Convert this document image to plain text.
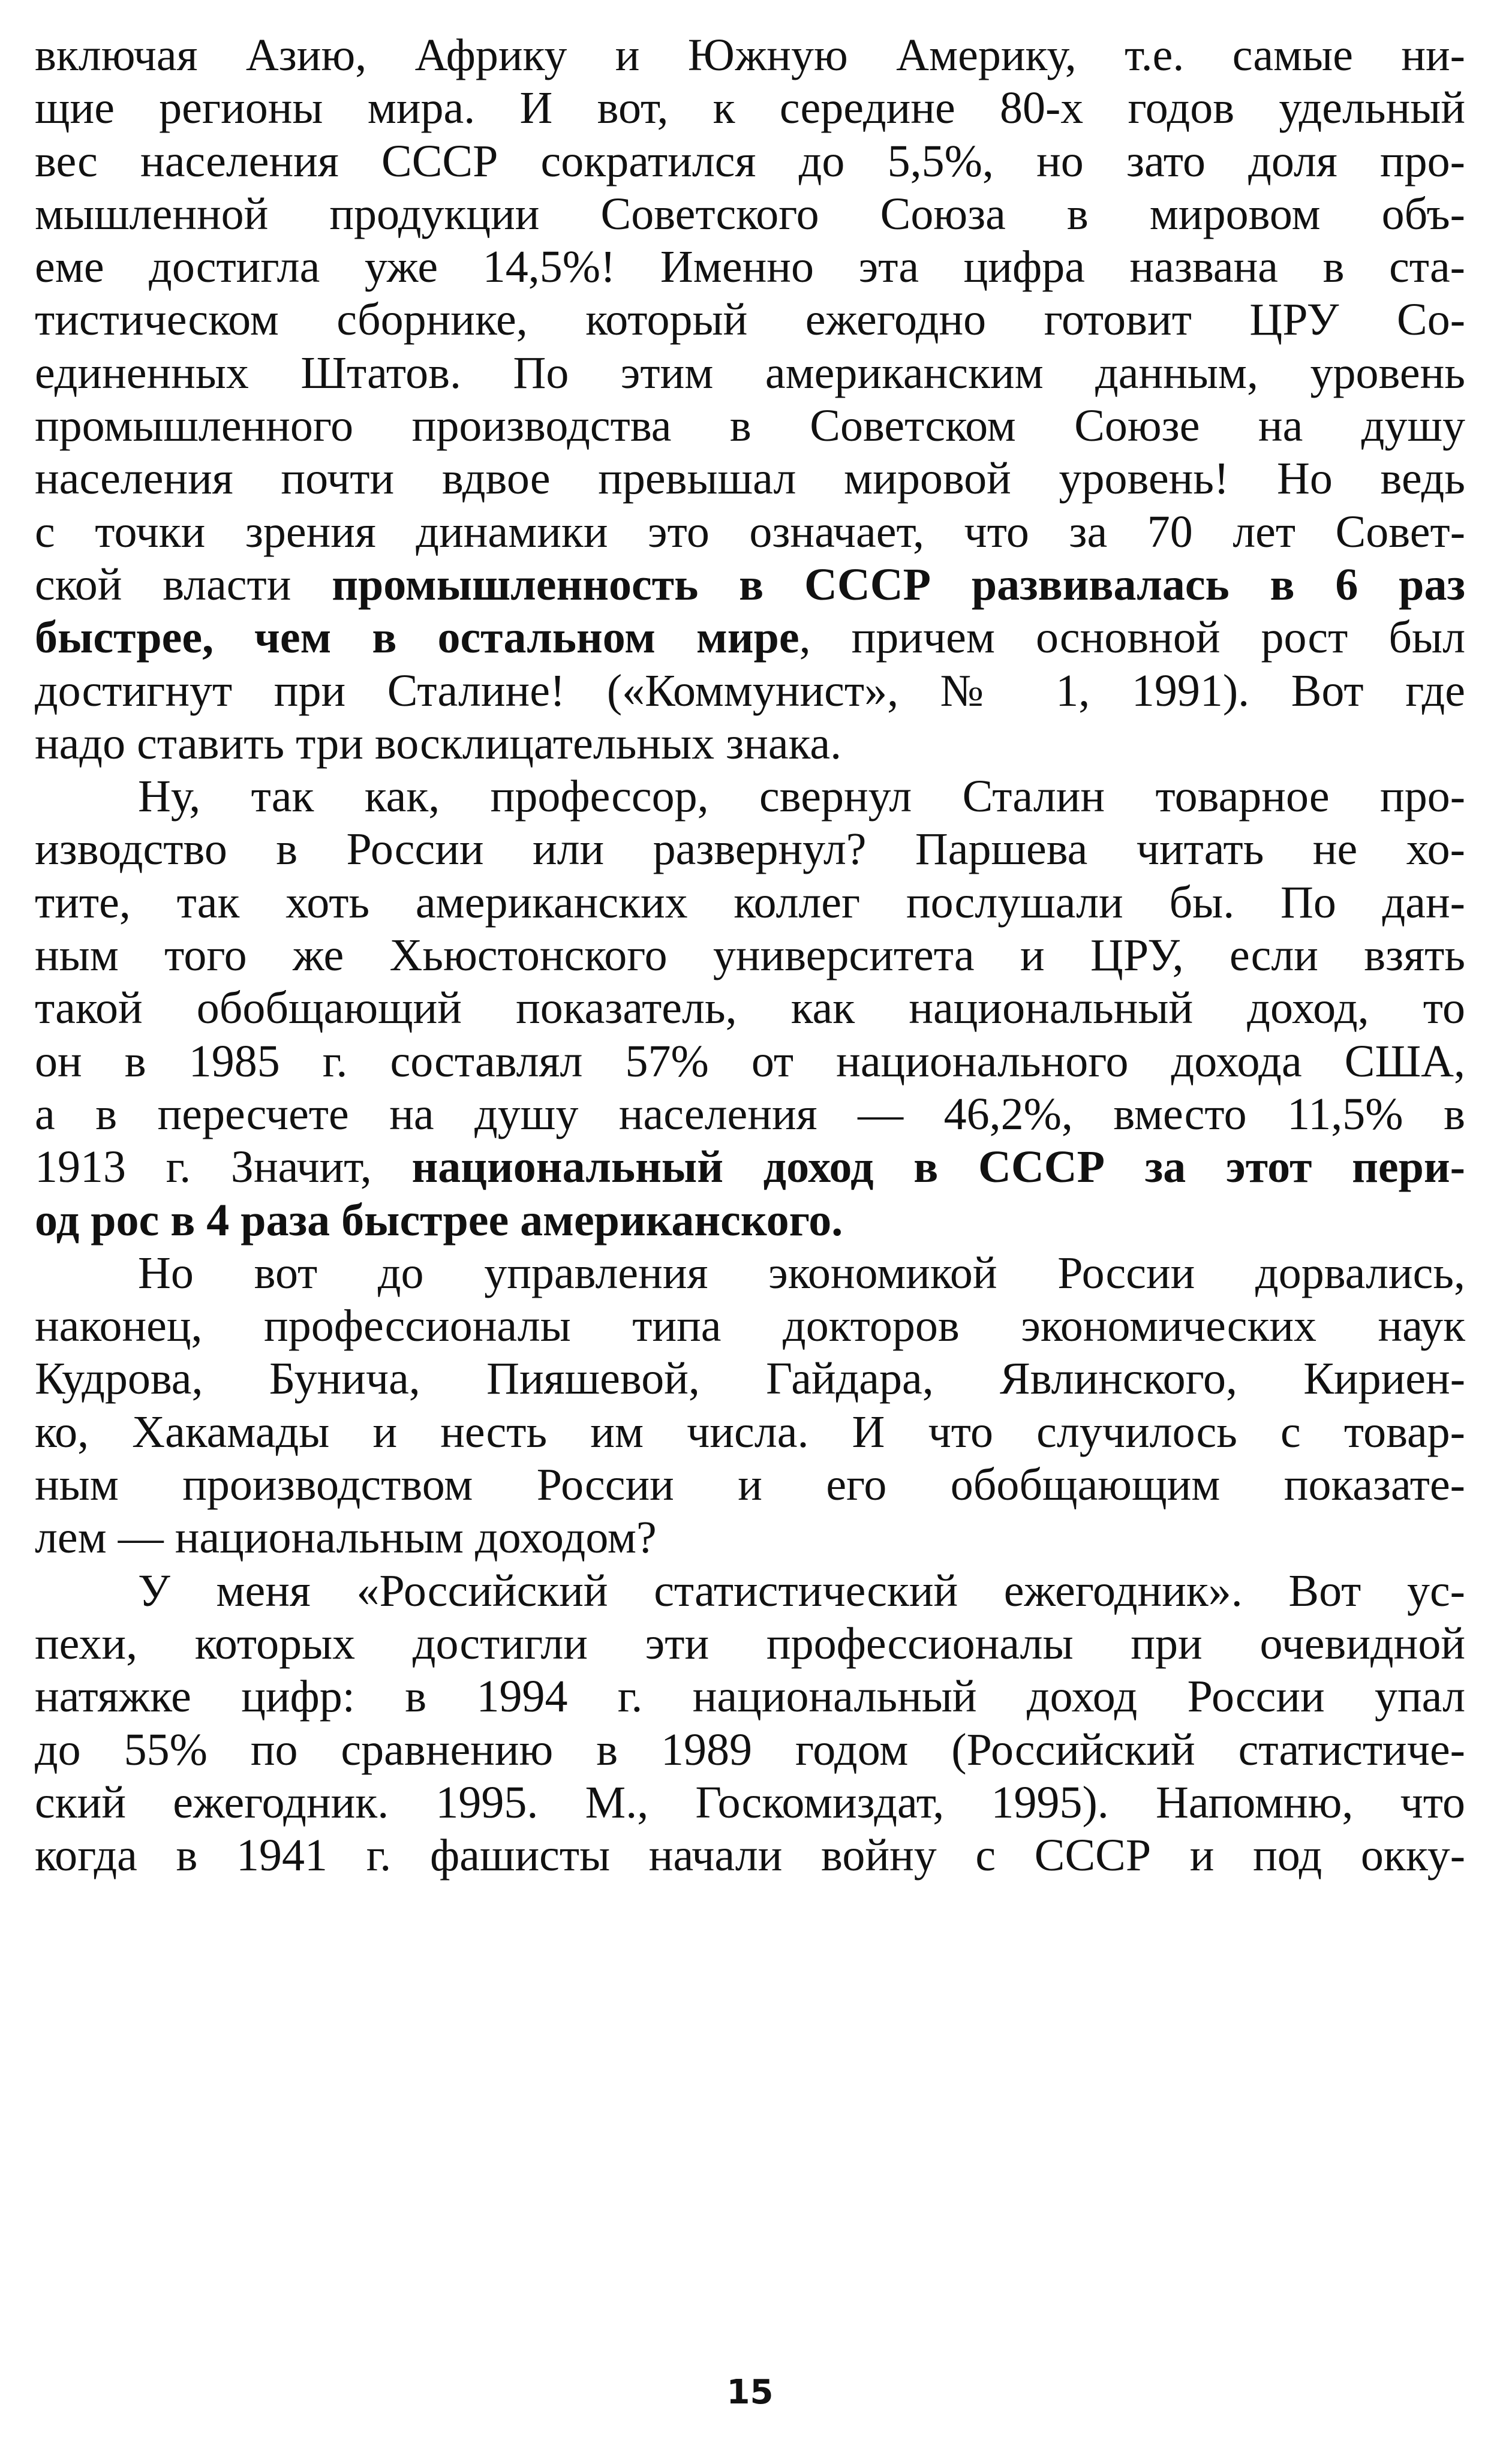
включая Азию, Африку и Южную Америку, т.е. самые ни-
щие регионы мира. И вот, к середине 80-х годов удельный
вес населения СССР сократился до 5,5%, но зато доля про-
мышленной продукции Советского Союза в мировом объ-
еме достигла уже 14,5%! Именно эта цифра названа в ста-
тистическом сборнике, который ежегодно готовит ЦРУ Со-
единенных Штатов. По этим американским данным, уровень
промышленного производства в Советском Союзе на душу
населения почти вдвое превышал мировой уровень! Но ведь
с точки зрения динамики это означает, что за 70 лет Совет-
ской власти промышленность в СССР развивалась в 6 раз
быстрее, чем в остальном мире, причем основной рост был
достигнут при Сталине! («Коммунист», № 1, 1991). Вот где
надо ставить три восклицательных знака.
Ну, так как, профессор, свернул Сталин товарное про-
изводство в России или развернул? Паршева читать не хо-
тите, так хоть американских коллег послушали бы. По дан-
ным того же Хьюстонского университета и ЦРУ, если взять
такой обобщающий показатель, как национальный доход, то
он в 1985 г. составлял 57% от национального дохода США,
а в пересчете на душу населения — 46,2%, вместо 11,5% в
1913 г. Значит, национальный доход в СССР за этот пери-
од рос в 4 раза быстрее американского.
Но вот до управления экономикой России дорвались,
наконец, профессионалы типа докторов экономических наук
Кудрова, Бунича, Пияшевой, Гайдара, Явлинского, Кириен-
ко, Хакамады и несть им числа. И что случилось с товар-
ным производством России и его обобщающим показате-
лем — национальным доходом?
У меня «Российский статистический ежегодник». Вот ус-
пехи, которых достигли эти профессионалы при очевидной
натяжке цифр: в 1994 г. национальный доход России упал
до 55% по сравнению в 1989 годом (Российский статистиче-
ский ежегодник. 1995. М., Госкомиздат, 1995). Напомню, что
когда в 1941 г. фашисты начали войну с СССР и под окку-
15
